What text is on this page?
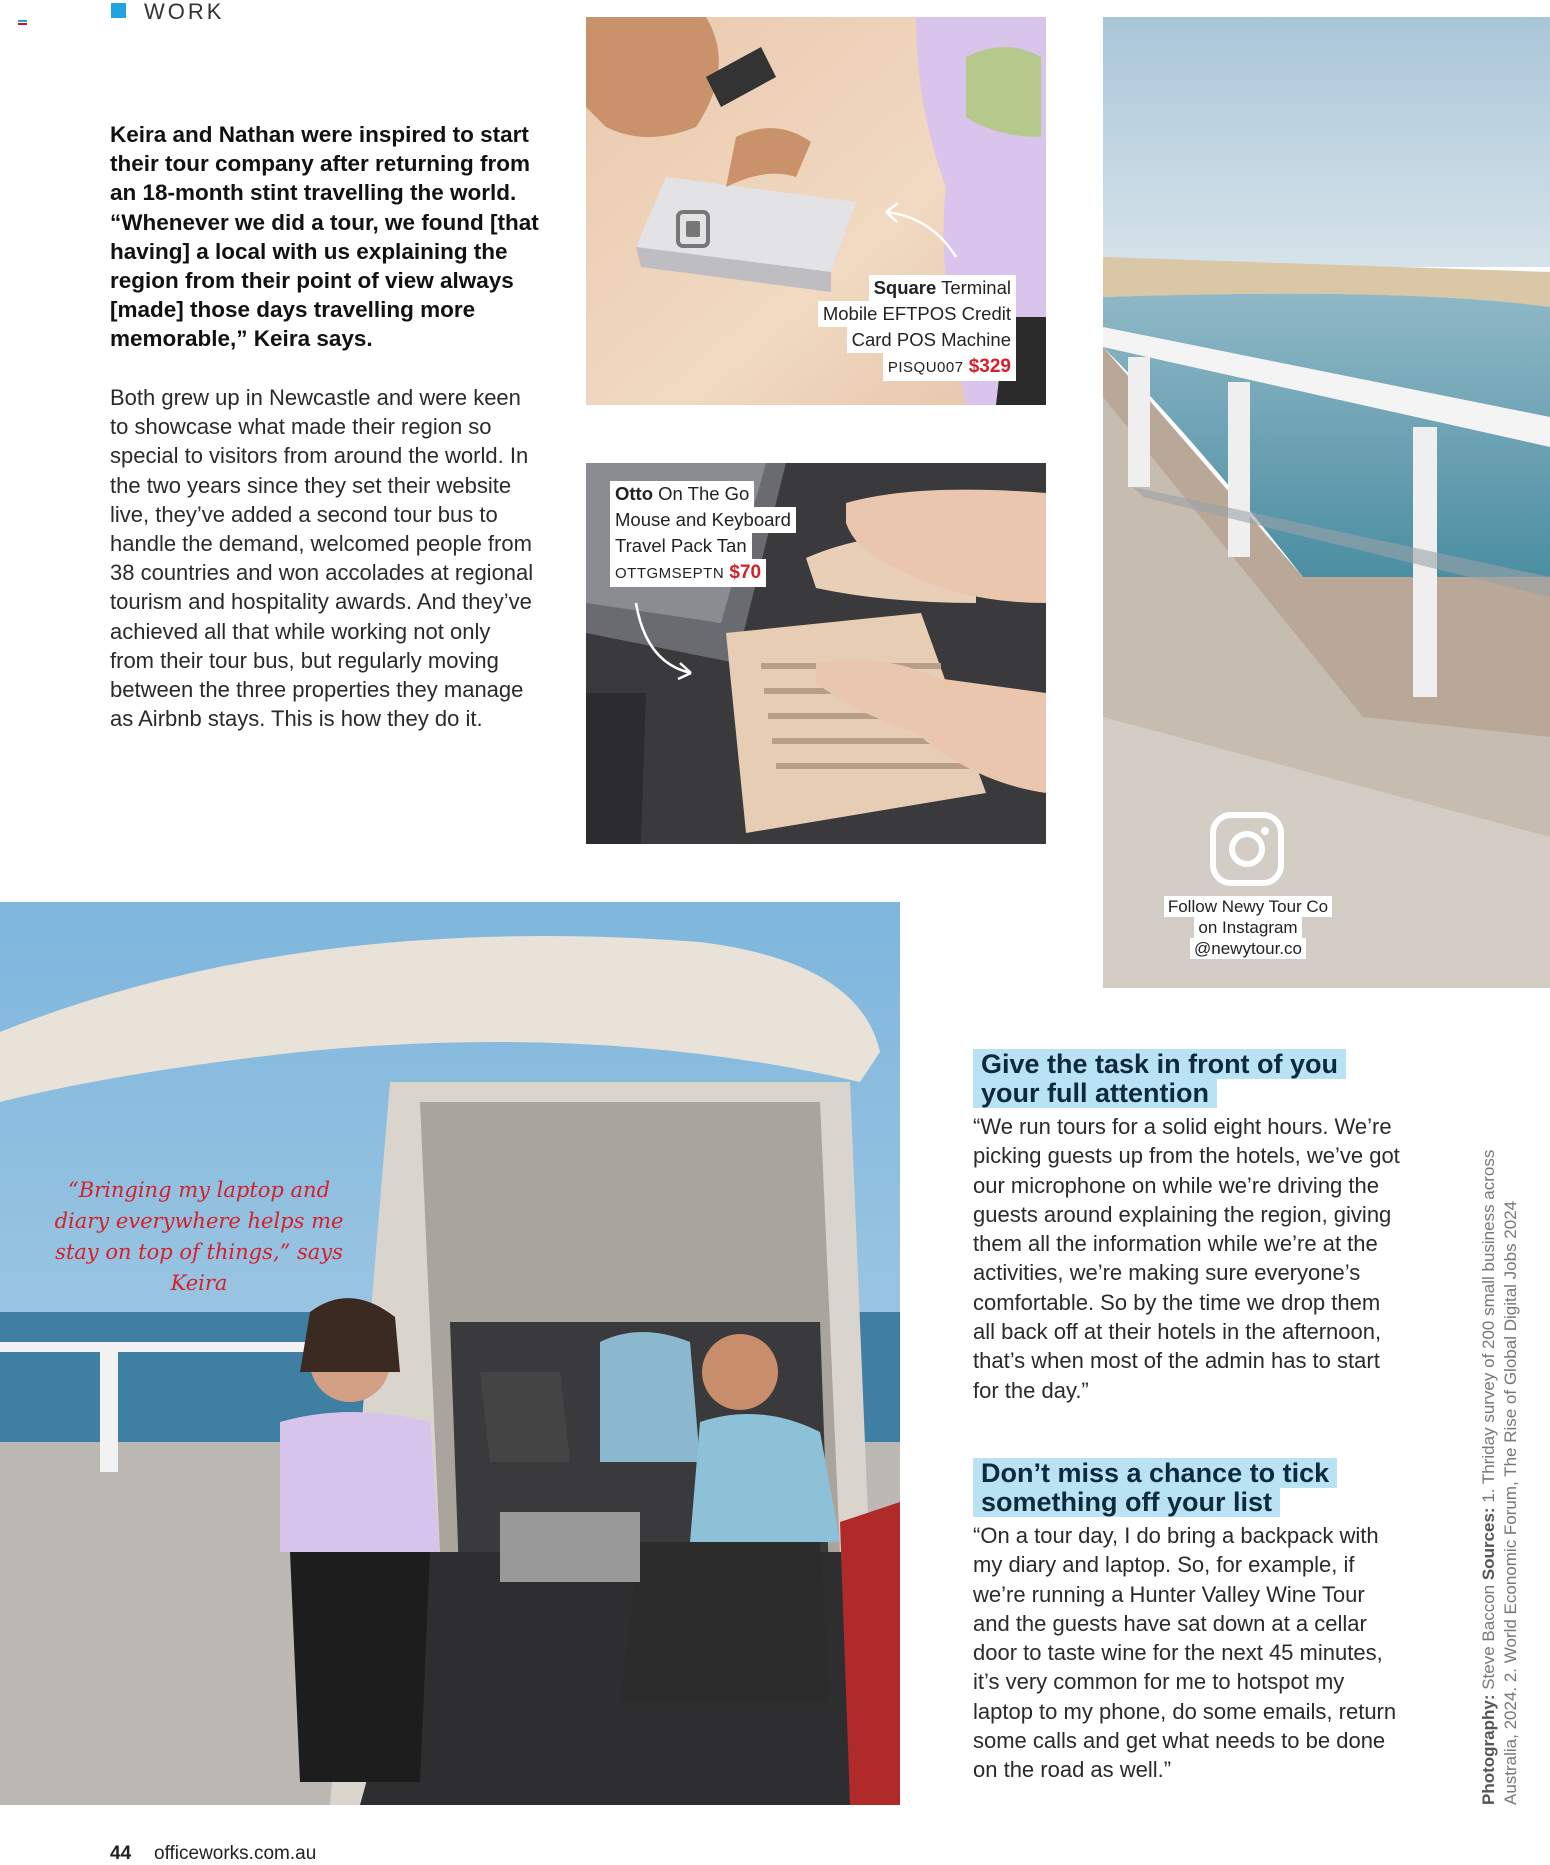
WORK

Keira and Nathan were inspired to start their tour company after returning from an 18-month stint travelling the world. “Whenever we did a tour, we found [that having] a local with us explaining the region from their point of view always [made] those days travelling more memorable,” Keira says.

Both grew up in Newcastle and were keen to showcase what made their region so special to visitors from around the world. In the two years since they set their website live, they’ve added a second tour bus to handle the demand, welcomed people from 38 countries and won accolades at regional tourism and hospitality awards. And they’ve achieved all that while working not only from their tour bus, but regularly moving between the three properties they manage as Airbnb stays. This is how they do it.

Square Terminal
Mobile EFTPOS Credit
Card POS Machine
PISQU007 $329
Otto On The Go
Mouse and Keyboard
Travel Pack Tan
OTTGMSEPTN $70
Follow Newy Tour Co
on Instagram
@newytour.co

“Bringing my laptop and diary everywhere helps me stay on top of things,” says Keira

Give the task in front of you your full attention

“We run tours for a solid eight hours. We’re picking guests up from the hotels, we’ve got our microphone on while we’re driving the guests around explaining the region, giving them all the information while we’re at the activities, we’re making sure everyone’s comfortable. So by the time we drop them all back off at their hotels in the afternoon, that’s when most of the admin has to start for the day.”

Don’t miss a chance to tick something off your list

“On a tour day, I do bring a backpack with my diary and laptop. So, for example, if we’re running a Hunter Valley Wine Tour and the guests have sat down at a cellar door to taste wine for the next 45 minutes, it’s very common for me to hotspot my laptop to my phone, do some emails, return some calls and get what needs to be done on the road as well.”	Photography: Steve Baccon Sources: 1. Thriday survey of 200 small business across Australia, 2024. 2. World Economic Forum, The Rise of Global Digital Jobs 2024

44 officeworks.com.au
